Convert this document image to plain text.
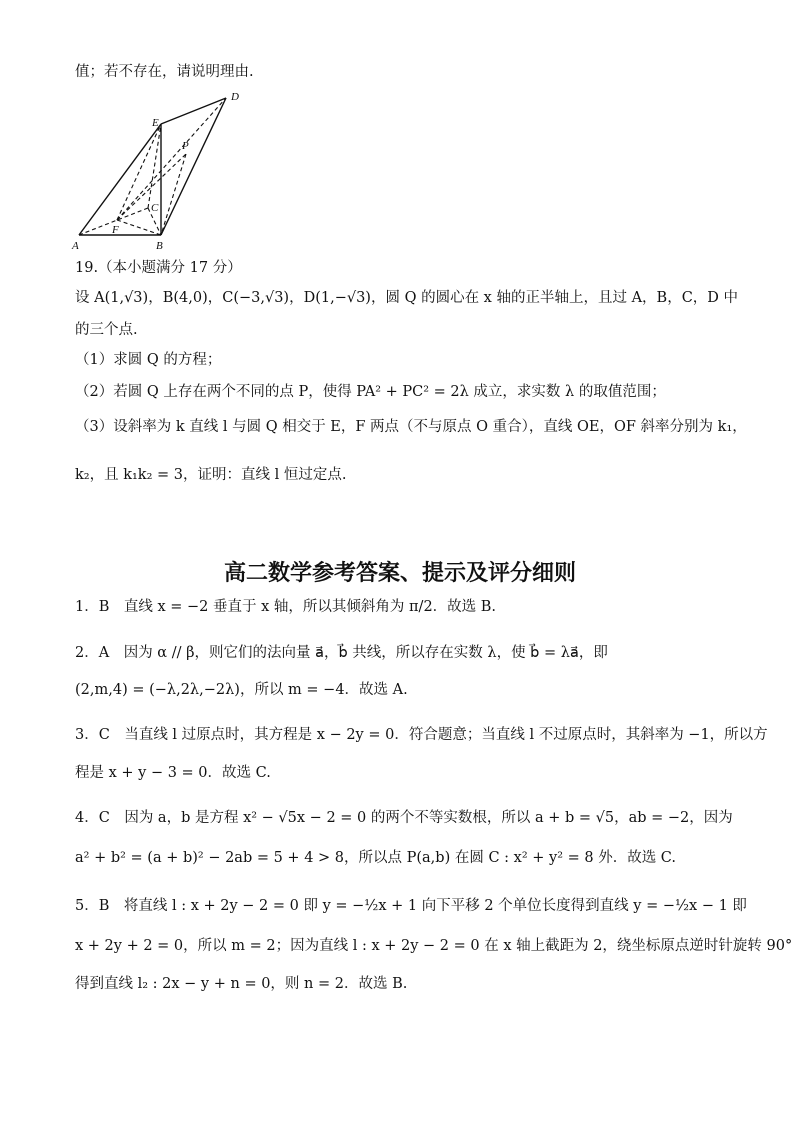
值；若不存在，请说明理由.
A	B
C
D
E
F
P
19.（本小题满分 17 分）
设 A(1,√3)，B(4,0)，C(−3,√3)，D(1,−√3)，圆 Q 的圆心在 x 轴的正半轴上，且过 A，B，C，D 中
的三个点.
（1）求圆 Q 的方程；
（2）若圆 Q 上存在两个不同的点 P，使得 PA² + PC² = 2λ 成立，求实数 λ 的取值范围；
（3）设斜率为 k 直线 l 与圆 Q 相交于 E，F 两点（不与原点 O 重合），直线 OE，OF 斜率分别为 k₁，
k₂，且 k₁k₂ = 3，证明：直线 l 恒过定点.
高二数学参考答案、提示及评分细则
1．B　直线 x = −2 垂直于 x 轴，所以其倾斜角为 π/2．故选 B.
2．A　因为 α // β，则它们的法向量 a⃗，b⃗ 共线，所以存在实数 λ，使 b⃗ = λa⃗，即
(2,m,4) = (−λ,2λ,−2λ)，所以 m = −4．故选 A.
3．C　当直线 l 过原点时，其方程是 x − 2y = 0．符合题意；当直线 l 不过原点时，其斜率为 −1，所以方
程是 x + y − 3 = 0．故选 C.
4．C　因为 a，b 是方程 x² − √5x − 2 = 0 的两个不等实数根，所以 a + b = √5，ab = −2，因为
a² + b² = (a + b)² − 2ab = 5 + 4 > 8，所以点 P(a,b) 在圆 C : x² + y² = 8 外．故选 C.
5．B　将直线 l : x + 2y − 2 = 0 即 y = −½x + 1 向下平移 2 个单位长度得到直线 y = −½x − 1 即
x + 2y + 2 = 0，所以 m = 2；因为直线 l : x + 2y − 2 = 0 在 x 轴上截距为 2，绕坐标原点逆时针旋转 90°
得到直线 l₂ : 2x − y + n = 0，则 n = 2．故选 B.
